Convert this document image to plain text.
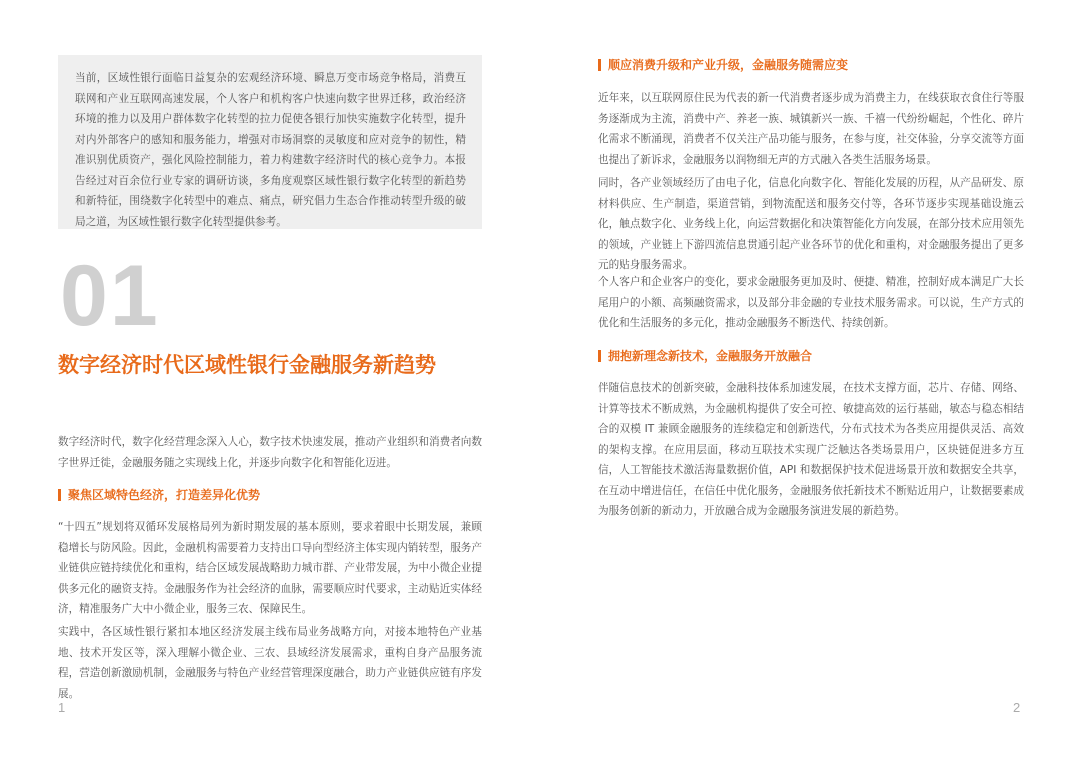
当前，区域性银行面临日益复杂的宏观经济环境、瞬息万变市场竞争格局，消费互联网和产业互联网高速发展，个人客户和机构客户快速向数字世界迁移，政治经济环境的推力以及用户群体数字化转型的拉力促使各银行加快实施数字化转型，提升对内外部客户的感知和服务能力，增强对市场洞察的灵敏度和应对竞争的韧性，精准识别优质资产，强化风险控制能力，着力构建数字经济时代的核心竞争力。本报告经过对百余位行业专家的调研访谈，多角度观察区域性银行数字化转型的新趋势和新特征，围绕数字化转型中的难点、痛点，研究倡力生态合作推动转型升级的破局之道，为区域性银行数字化转型提供参考。
01
数字经济时代区域性银行金融服务新趋势
数字经济时代，数字化经营理念深入人心，数字技术快速发展，推动产业组织和消费者向数字世界迁徙，金融服务随之实现线上化，并逐步向数字化和智能化迈进。
聚焦区域特色经济，打造差异化优势
“十四五”规划将双循环发展格局列为新时期发展的基本原则，要求着眼中长期发展，兼顾稳增长与防风险。因此，金融机构需要着力支持出口导向型经济主体实现内销转型，服务产业链供应链持续优化和重构，结合区域发展战略助力城市群、产业带发展，为中小微企业提供多元化的融资支持。金融服务作为社会经济的血脉，需要顺应时代要求，主动贴近实体经济，精准服务广大中小微企业，服务三农、保障民生。
实践中，各区域性银行紧扣本地区经济发展主线布局业务战略方向，对接本地特色产业基地、技术开发区等，深入理解小微企业、三农、县域经济发展需求，重构自身产品服务流程，营造创新激励机制，金融服务与特色产业经营管理深度融合，助力产业链供应链有序发展。
1
顺应消费升级和产业升级，金融服务随需应变
近年来，以互联网原住民为代表的新一代消费者逐步成为消费主力，在线获取衣食住行等服务逐渐成为主流，消费中产、养老一族、城镇新兴一族、千禧一代纷纷崛起，个性化、碎片化需求不断涌现，消费者不仅关注产品功能与服务，在参与度，社交体验，分享交流等方面也提出了新诉求，金融服务以润物细无声的方式融入各类生活服务场景。
同时，各产业领域经历了由电子化，信息化向数字化、智能化发展的历程，从产品研发、原材料供应、生产制造，渠道营销，到物流配送和服务交付等，各环节逐步实现基础设施云化，触点数字化、业务线上化，向运营数据化和决策智能化方向发展，在部分技术应用领先的领域，产业链上下游四流信息贯通引起产业各环节的优化和重构，对金融服务提出了更多元的贴身服务需求。
个人客户和企业客户的变化，要求金融服务更加及时、便捷、精准，控制好成本满足广大长尾用户的小额、高频融资需求，以及部分非金融的专业技术服务需求。可以说，生产方式的优化和生活服务的多元化，推动金融服务不断迭代、持续创新。
拥抱新理念新技术，金融服务开放融合
伴随信息技术的创新突破，金融科技体系加速发展，在技术支撑方面，芯片、存储、网络、计算等技术不断成熟，为金融机构提供了安全可控、敏捷高效的运行基础，敏态与稳态相结合的双模 IT 兼顾金融服务的连续稳定和创新迭代，分布式技术为各类应用提供灵活、高效的架构支撑。在应用层面，移动互联技术实现广泛触达各类场景用户，区块链促进多方互信，人工智能技术激活海量数据价值，API 和数据保护技术促进场景开放和数据安全共享，在互动中增进信任，在信任中优化服务，金融服务依托新技术不断贴近用户，让数据要素成为服务创新的新动力，开放融合成为金融服务演进发展的新趋势。
2
